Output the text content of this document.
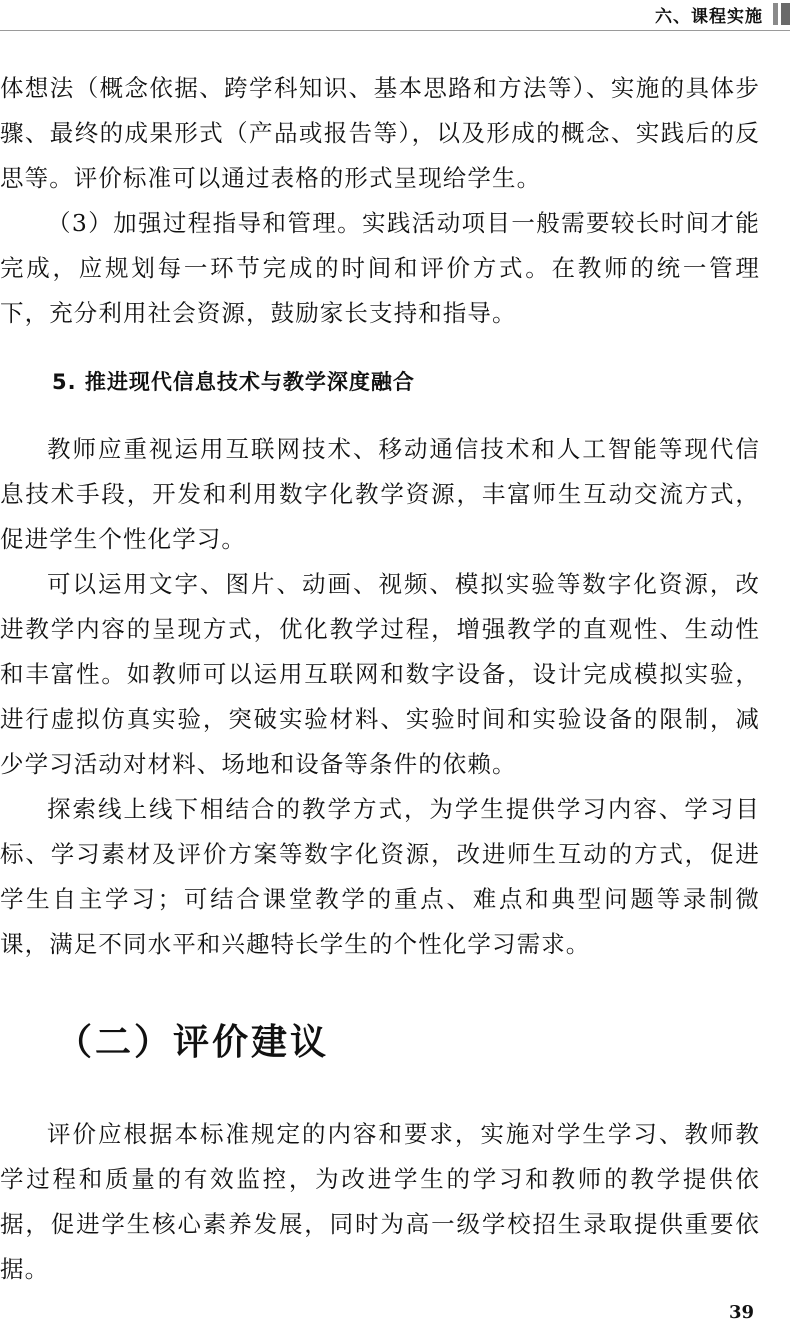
六、课程实施

体想法（概念依据、跨学科知识、基本思路和方法等）、实施的具体步骤、最终的成果形式（产品或报告等），以及形成的概念、实践后的反思等。评价标准可以通过表格的形式呈现给学生。

（3）加强过程指导和管理。实践活动项目一般需要较长时间才能完成，应规划每一环节完成的时间和评价方式。在教师的统一管理下，充分利用社会资源，鼓励家长支持和指导。

5. 推进现代信息技术与教学深度融合

教师应重视运用互联网技术、移动通信技术和人工智能等现代信息技术手段，开发和利用数字化教学资源，丰富师生互动交流方式，促进学生个性化学习。

可以运用文字、图片、动画、视频、模拟实验等数字化资源，改进教学内容的呈现方式，优化教学过程，增强教学的直观性、生动性和丰富性。如教师可以运用互联网和数字设备，设计完成模拟实验，进行虚拟仿真实验，突破实验材料、实验时间和实验设备的限制，减少学习活动对材料、场地和设备等条件的依赖。

探索线上线下相结合的教学方式，为学生提供学习内容、学习目标、学习素材及评价方案等数字化资源，改进师生互动的方式，促进学生自主学习；可结合课堂教学的重点、难点和典型问题等录制微课，满足不同水平和兴趣特长学生的个性化学习需求。

（二）评价建议

评价应根据本标准规定的内容和要求，实施对学生学习、教师教学过程和质量的有效监控，为改进学生的学习和教师的教学提供依据，促进学生核心素养发展，同时为高一级学校招生录取提供重要依据。

39
